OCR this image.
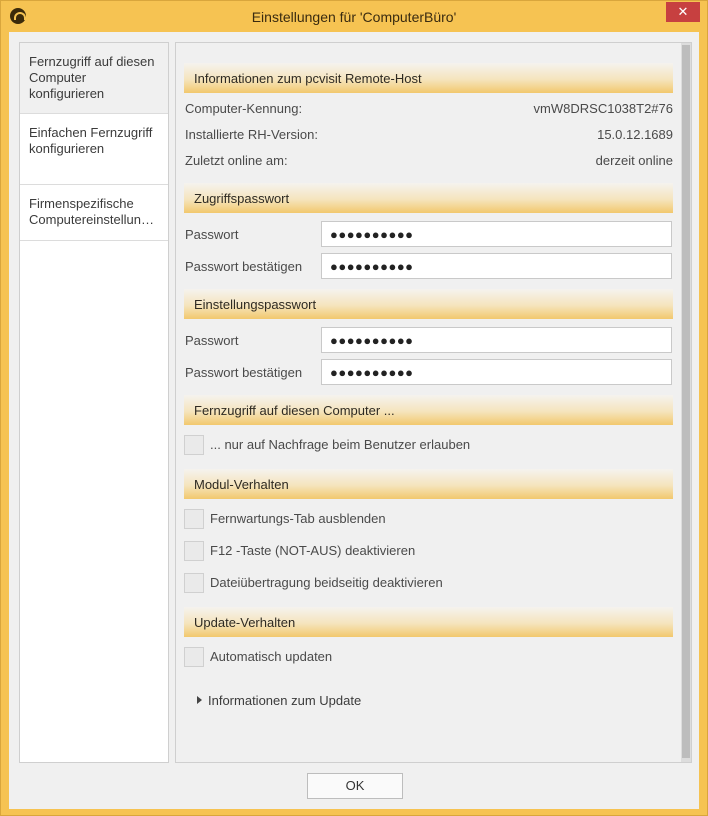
Einstellungen für 'ComputerBüro'	✕
Fernzugriff auf diesen Computer konfigurieren
Einfachen Fernzugriff konfigurieren
Firmenspezifische Computereinstellun…
Informationen zum pcvisit Remote-Host
Computer-Kennung:	vmW8DRSC1038T2#76
Installierte RH-Version:	15.0.12.1689
Zuletzt online am:	derzeit online
Zugriffspasswort
Passwort	●●●●●●●●●●
Passwort bestätigen	●●●●●●●●●●
Einstellungspasswort
Passwort	●●●●●●●●●●
Passwort bestätigen	●●●●●●●●●●
Fernzugriff auf diesen Computer ...
... nur auf Nachfrage beim Benutzer erlauben
Modul-Verhalten
Fernwartungs-Tab ausblenden
F12 -Taste (NOT-AUS) deaktivieren
Dateiübertragung beidseitig deaktivieren
Update-Verhalten
Automatisch updaten
Informationen zum Update
OK
